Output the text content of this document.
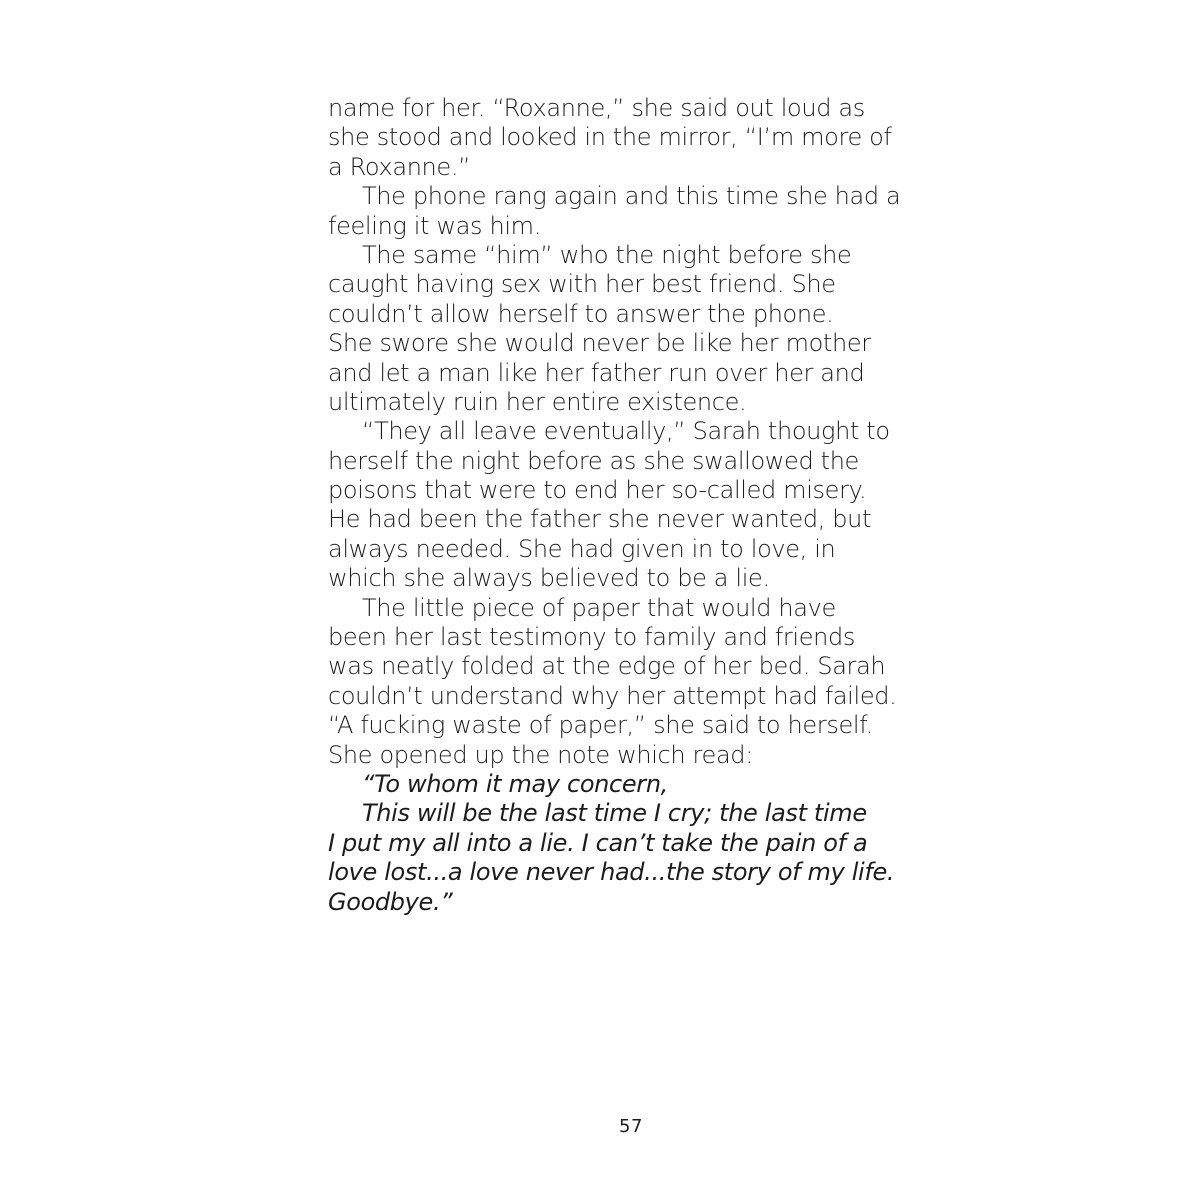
name for her. “Roxanne,” she said out loud as
she stood and looked in the mirror, “I’m more of
a Roxanne.”
The phone rang again and this time she had a
feeling it was him.
The same “him” who the night before she
caught having sex with her best friend. She
couldn’t allow herself to answer the phone.
She swore she would never be like her mother
and let a man like her father run over her and
ultimately ruin her entire existence.
“They all leave eventually,” Sarah thought to
herself the night before as she swallowed the
poisons that were to end her so-called misery.
He had been the father she never wanted, but
always needed. She had given in to love, in
which she always believed to be a lie.
The little piece of paper that would have
been her last testimony to family and friends
was neatly folded at the edge of her bed. Sarah
couldn’t understand why her attempt had failed.
“A fucking waste of paper,” she said to herself.
She opened up the note which read:
“To whom it may concern,
This will be the last time I cry; the last time
I put my all into a lie. I can’t take the pain of a
love lost...a love never had...the story of my life.
Goodbye.”
57
